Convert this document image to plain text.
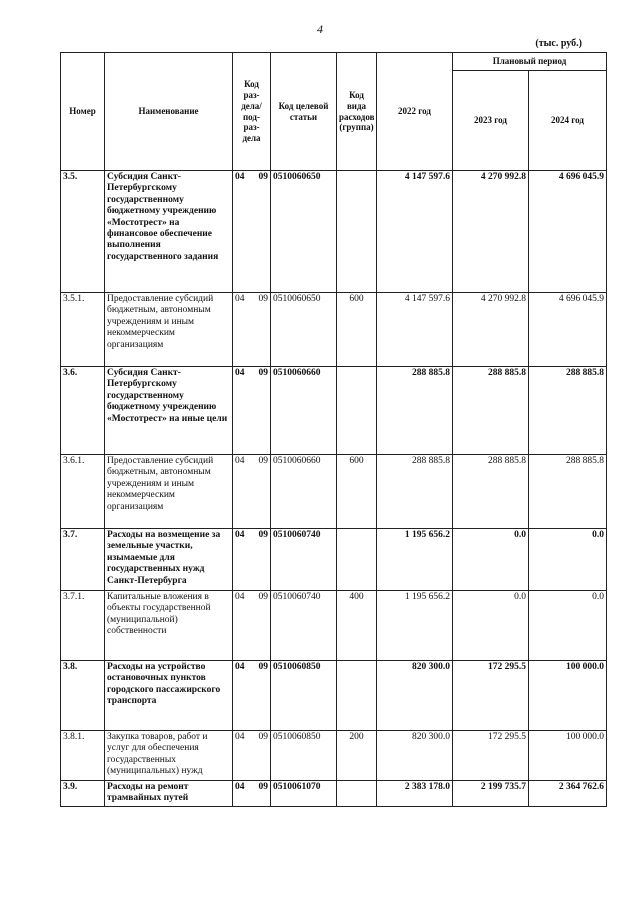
4
(тыс. руб.)
Номер	Наименование	Код раз-дела/ под-раз-дела	Код целевой статьи	Код вида расходов (группа)	2022 год	Плановый период	
						2023 год	2024 год
3.5.	Субсидия Санкт-Петербургскому государственному бюджетному учреждению «Мостотрест» на финансовое обеспечение выполнения государственного задания	04 09	0510060650		4 147 597.6	4 270 992.8	4 696 045.9
3.5.1.	Предоставление субсидий бюджетным, автономным учреждениям и иным некоммерческим организациям	04 09	0510060650	600	4 147 597.6	4 270 992.8	4 696 045.9
3.6.	Субсидия Санкт-Петербургскому государственному бюджетному учреждению «Мостотрест» на иные цели	04 09	0510060660		288 885.8	288 885.8	288 885.8
3.6.1.	Предоставление субсидий бюджетным, автономным учреждениям и иным некоммерческим организациям	04 09	0510060660	600	288 885.8	288 885.8	288 885.8
3.7.	Расходы на возмещение за земельные участки, изымаемые для государственных нужд Санкт-Петербурга	04 09	0510060740		1 195 656.2	0.0	0.0
3.7.1.	Капитальные вложения в объекты государственной (муниципальной) собственности	04 09	0510060740	400	1 195 656.2	0.0	0.0
3.8.	Расходы на устройство остановочных пунктов городского пассажирского транспорта	04 09	0510060850		820 300.0	172 295.5	100 000.0
3.8.1.	Закупка товаров, работ и услуг для обеспечения государственных (муниципальных) нужд	04 09	0510060850	200	820 300.0	172 295.5	100 000.0
3.9.	Расходы на ремонт трамвайных путей	04 09	0510061070		2 383 178.0	2 199 735.7	2 364 762.6
